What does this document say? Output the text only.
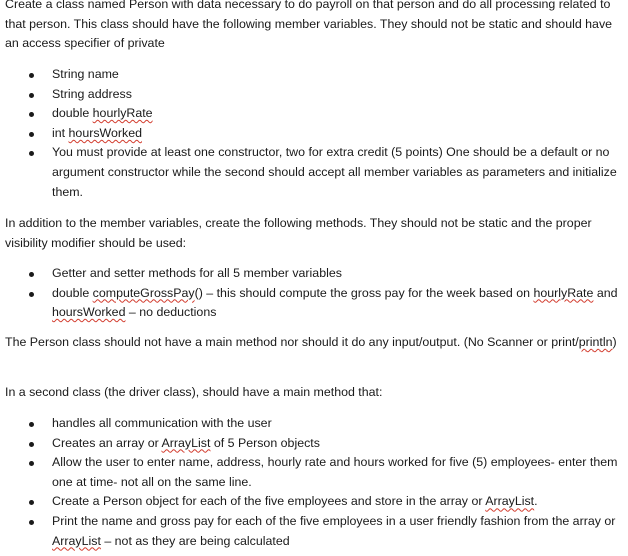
Create a class named Person with data necessary to do payroll on that person and do all processing related to that person. This class should have the following member variables. They should not be static and should have an access specifier of private

String name
String address
double hourlyRate
int hoursWorked
You must provide at least one constructor, two for extra credit (5 points) One should be a default or no argument constructor while the second should accept all member variables as parameters and initialize them.

In addition to the member variables, create the following methods. They should not be static and the proper visibility modifier should be used:

Getter and setter methods for all 5 member variables
double computeGrossPay() – this should compute the gross pay for the week based on hourlyRate and hoursWorked – no deductions

The Person class should not have a main method nor should it do any input/output. (No Scanner or print/println)

In a second class (the driver class), should have a main method that:

handles all communication with the user
Creates an array or ArrayList of 5 Person objects
Allow the user to enter name, address, hourly rate and hours worked for five (5) employees- enter them one at time- not all on the same line.
Create a Person object for each of the five employees and store in the array or ArrayList.
Print the name and gross pay for each of the five employees in a user friendly fashion from the array or ArrayList – not as they are being calculated
